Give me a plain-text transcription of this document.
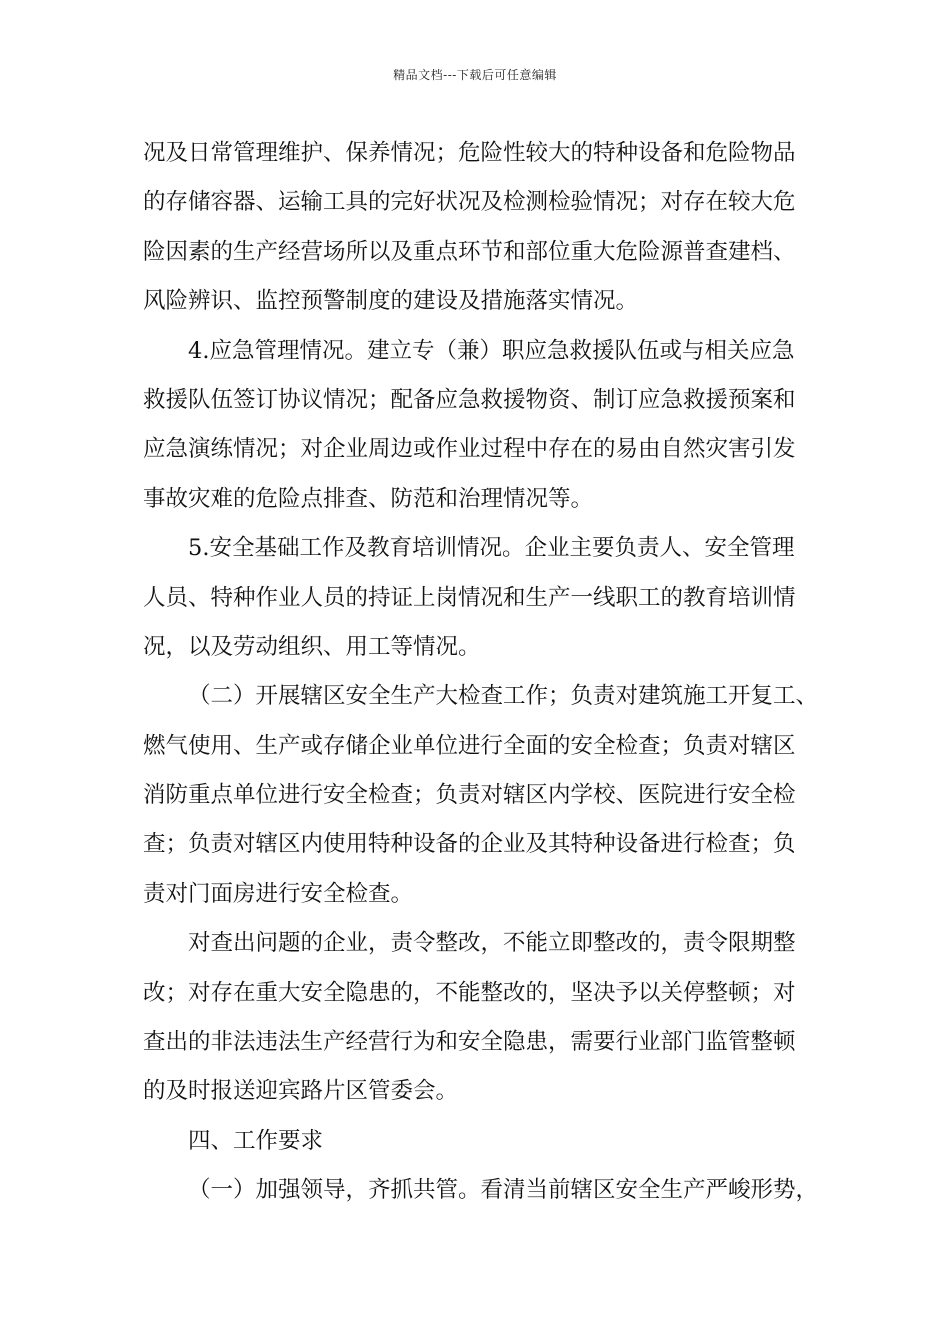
精品文档---下载后可任意编辑
况及日常管理维护、保养情况；危险性较大的特种设备和危险物品
的存储容器、运输工具的完好状况及检测检验情况；对存在较大危
险因素的生产经营场所以及重点环节和部位重大危险源普查建档、
风险辨识、监控预警制度的建设及措施落实情况。
4.应急管理情况。建立专（兼）职应急救援队伍或与相关应急
救援队伍签订协议情况；配备应急救援物资、制订应急救援预案和
应急演练情况；对企业周边或作业过程中存在的易由自然灾害引发
事故灾难的危险点排查、防范和治理情况等。
5.安全基础工作及教育培训情况。企业主要负责人、安全管理
人员、特种作业人员的持证上岗情况和生产一线职工的教育培训情
况，以及劳动组织、用工等情况。
（二）开展辖区安全生产大检查工作；负责对建筑施工开复工、
燃气使用、生产或存储企业单位进行全面的安全检查；负责对辖区
消防重点单位进行安全检查；负责对辖区内学校、医院进行安全检
查；负责对辖区内使用特种设备的企业及其特种设备进行检查；负
责对门面房进行安全检查。
对查出问题的企业，责令整改，不能立即整改的，责令限期整
改；对存在重大安全隐患的，不能整改的，坚决予以关停整顿；对
查出的非法违法生产经营行为和安全隐患，需要行业部门监管整顿
的及时报送迎宾路片区管委会。
四、工作要求
（一）加强领导，齐抓共管。看清当前辖区安全生产严峻形势，
